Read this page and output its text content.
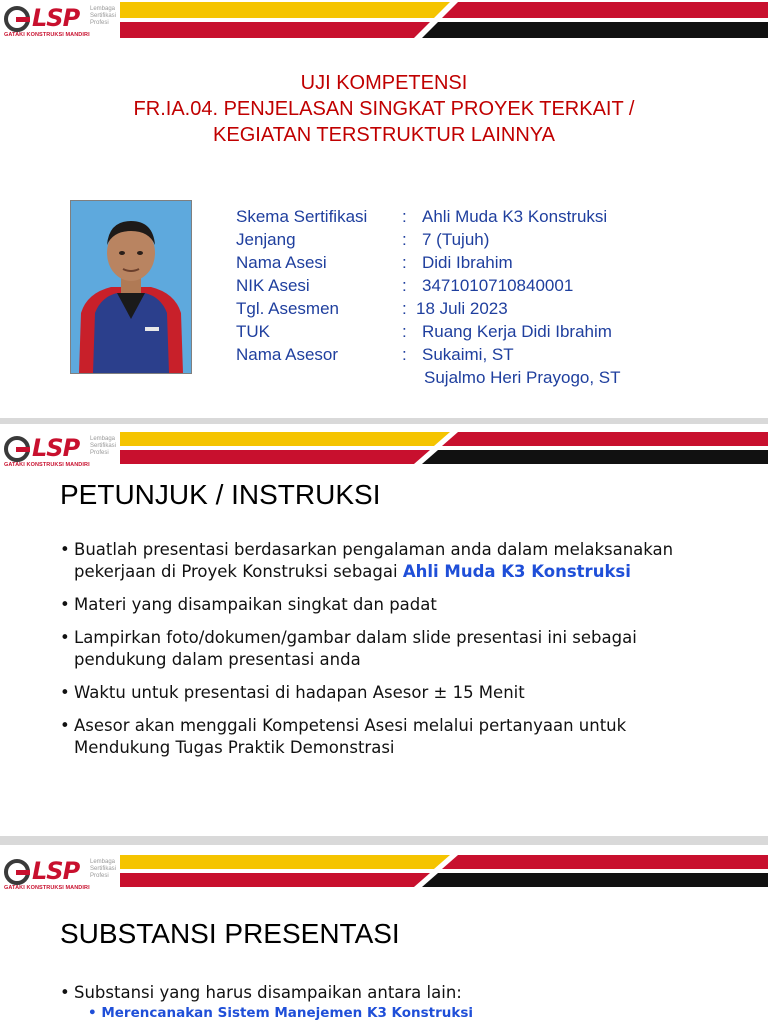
LSP Lembaga
Sertifikasi
Profesi
GATAKI KONSTRUKSI MANDIRI
UJI KOMPETENSI
FR.IA.04. PENJELASAN SINGKAT PROYEK TERKAIT /
KEGIATAN TERSTRUKTUR LAINNYA
Skema Sertifikasi : Ahli Muda K3 Konstruksi
Jenjang	: 7 (Tujuh)
Nama Asesi	: Didi Ibrahim
NIK Asesi	: 3471010710840001
Tgl. Asesmen	: 18 Juli 2023
TUK	: Ruang Kerja Didi Ibrahim
Nama Asesor	: Sukaimi, ST
Sujalmo Heri Prayogo, ST
LSP Lembaga
Sertifikasi
Profesi
GATAKI KONSTRUKSI MANDIRI
PETUNJUK / INSTRUKSI
• Buatlah presentasi berdasarkan pengalaman anda dalam melaksanakan pekerjaan di Proyek Konstruksi sebagai Ahli Muda K3 Konstruksi
• Materi yang disampaikan singkat dan padat
• Lampirkan foto/dokumen/gambar dalam slide presentasi ini sebagai pendukung dalam presentasi anda
• Waktu untuk presentasi di hadapan Asesor ± 15 Menit
• Asesor akan menggali Kompetensi Asesi melalui pertanyaan untuk Mendukung Tugas Praktik Demonstrasi
LSP Lembaga
Sertifikasi
Profesi
GATAKI KONSTRUKSI MANDIRI
SUBSTANSI PRESENTASI
• Substansi yang harus disampaikan antara lain:
• Merencanakan Sistem Manejemen K3 Konstruksi
